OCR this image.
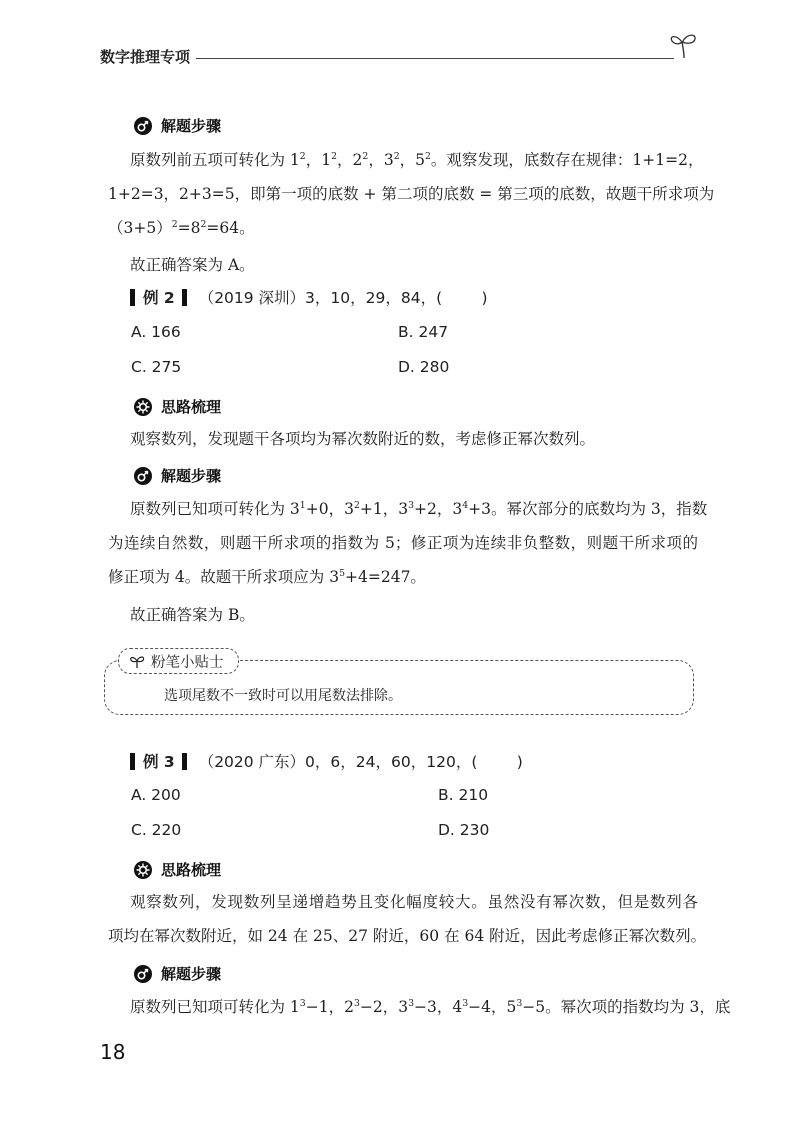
数字推理专项
解题步骤
原数列前五项可转化为 $1^2$，$1^2$，$2^2$，$3^2$，$5^2$。观察发现，底数存在规律：1+1=2，
1+2=3，2+3=5，即第一项的底数 + 第二项的底数 = 第三项的底数，故题干所求项为
$(3+5)^2=8^2=64$。
故正确答案为 A。
例 2 （2019 深圳）3，10，29，84，(        )
A. 166	B. 247
C. 275	D. 280
思路梳理
观察数列，发现题干各项均为幂次数附近的数，考虑修正幂次数列。
解题步骤
原数列已知项可转化为 $3^1+0$，$3^2+1$，$3^3+2$，$3^4+3$。幂次部分的底数均为 3，指数
为连续自然数，则题干所求项的指数为 5；修正项为连续非负整数，则题干所求项的
修正项为 4。故题干所求项应为 $3^5+4=247$。
故正确答案为 B。
粉笔小贴士
选项尾数不一致时可以用尾数法排除。
例 3 （2020 广东）0，6，24，60，120，(        )
A. 200	B. 210
C. 220	D. 230
思路梳理
观察数列，发现数列呈递增趋势且变化幅度较大。虽然没有幂次数，但是数列各
项均在幂次数附近，如 24 在 25、27 附近，60 在 64 附近，因此考虑修正幂次数列。
解题步骤
原数列已知项可转化为 $1^3-1$，$2^3-2$，$3^3-3$，$4^3-4$，$5^3-5$。幂次项的指数均为 3，底
18
